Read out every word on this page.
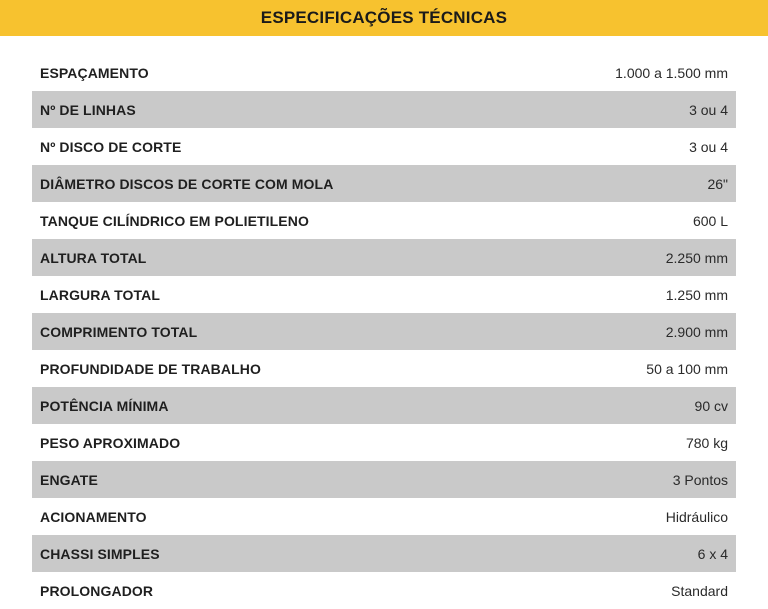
ESPECIFICAÇÕES TÉCNICAS
ESPAÇAMENTO	1.000 a 1.500 mm
Nº DE LINHAS	3 ou 4
Nº DISCO DE CORTE	3 ou 4
DIÂMETRO DISCOS DE CORTE COM MOLA	26"
TANQUE CILÍNDRICO EM POLIETILENO	600 L
ALTURA TOTAL	2.250 mm
LARGURA TOTAL	1.250 mm
COMPRIMENTO TOTAL	2.900 mm
PROFUNDIDADE DE TRABALHO	50 a 100 mm
POTÊNCIA MÍNIMA	90 cv
PESO APROXIMADO	780 kg
ENGATE	3 Pontos
ACIONAMENTO	Hidráulico
CHASSI SIMPLES	6 x 4
PROLONGADOR	Standard
